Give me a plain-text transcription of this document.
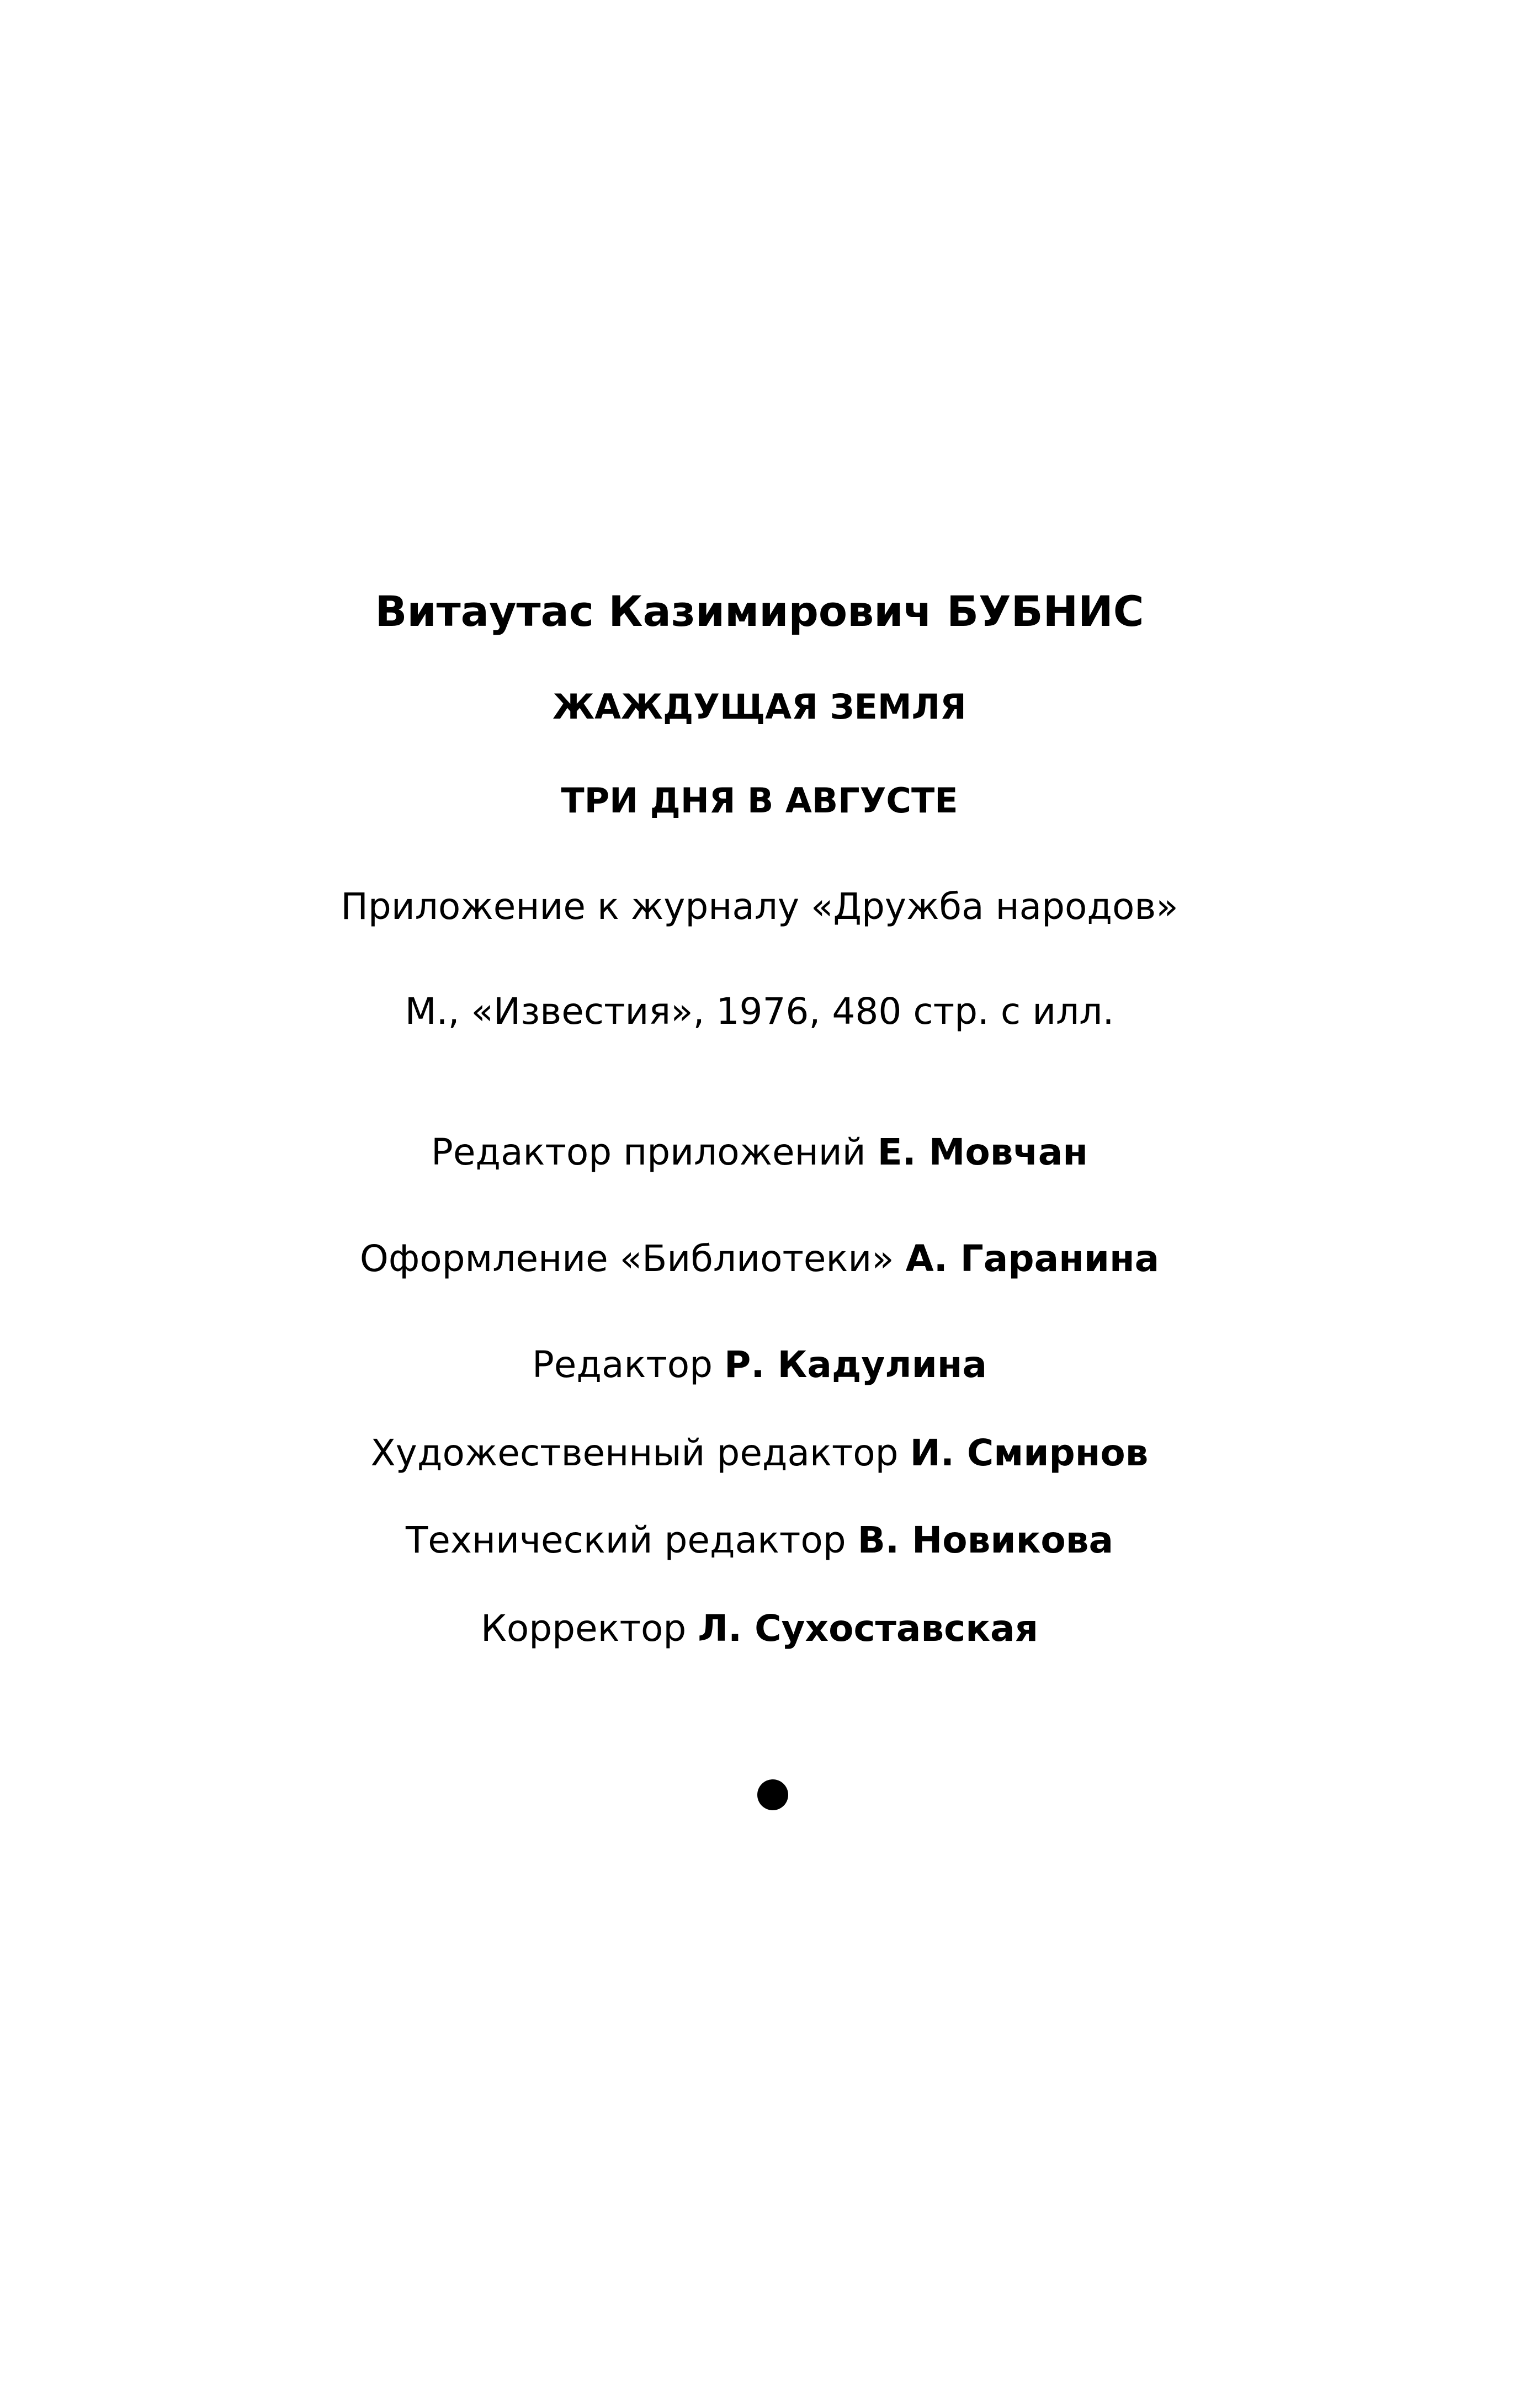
Витаутас Казимирович БУБНИС
ЖАЖДУЩАЯ ЗЕМЛЯ
ТРИ ДНЯ В АВГУСТЕ
Приложение к журналу «Дружба народов»
М., «Известия», 1976, 480 стр. с илл.
Редактор приложений Е. Мовчан
Оформление «Библиотеки» А. Гаранина
Редактор Р. Кадулина
Художественный редактор И. Смирнов
Технический редактор В. Новикова
Корректор Л. Сухоставская
